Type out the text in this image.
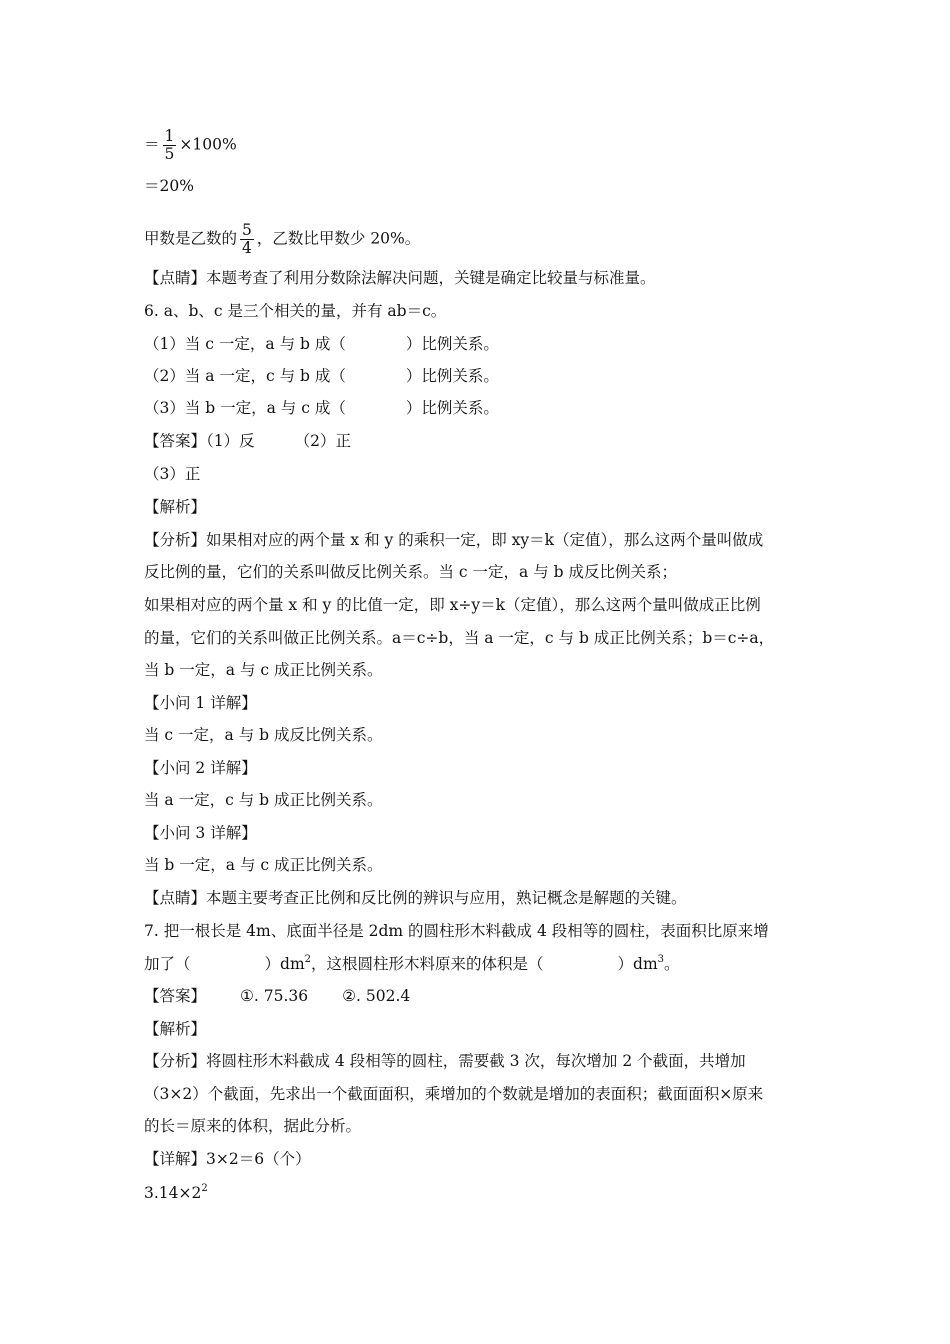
＝ $\frac{1}{5} \times 100\%$
＝20%
甲数是乙数的 $\frac{5}{4}$ ，乙数比甲数少 20%。
【点睛】本题考查了利用分数除法解决问题，关键是确定比较量与标准量。
6. a、b、c 是三个相关的量，并有 ab＝c。
（1）当 c 一定，a 与 b 成（	）比例关系。
（2）当 a 一定，c 与 b 成（	）比例关系。
（3）当 b 一定，a 与 c 成（	）比例关系。
【答案】（1）反	（2）正
（3）正
【解析】
【分析】如果相对应的两个量 x 和 y 的乘积一定，即 xy＝k（定值），那么这两个量叫做成
反比例的量，它们的关系叫做反比例关系。当 c 一定，a 与 b 成反比例关系；
如果相对应的两个量 x 和 y 的比值一定，即 x÷y＝k（定值），那么这两个量叫做成正比例
的量，它们的关系叫做正比例关系。a＝c÷b，当 a 一定，c 与 b 成正比例关系；b＝c÷a，
当 b 一定，a 与 c 成正比例关系。
【小问 1 详解】
当 c 一定，a 与 b 成反比例关系。
【小问 2 详解】
当 a 一定，c 与 b 成正比例关系。
【小问 3 详解】
当 b 一定，a 与 c 成正比例关系。
【点睛】本题主要考查正比例和反比例的辨识与应用，熟记概念是解题的关键。
7. 把一根长是 4m、底面半径是 2dm 的圆柱形木料截成 4 段相等的圆柱，表面积比原来增
加了（	）$dm^2$，这根圆柱形木料原来的体积是（	）$dm^3$。
【答案】 ①. 75.36 ②. 502.4
【解析】
【分析】将圆柱形木料截成 4 段相等的圆柱，需要截 3 次，每次增加 2 个截面，共增加
（3×2）个截面，先求出一个截面面积，乘增加的个数就是增加的表面积；截面面积×原来
的长＝原来的体积，据此分析。
【详解】3×2＝6（个）
$3.14\times 2^2$
